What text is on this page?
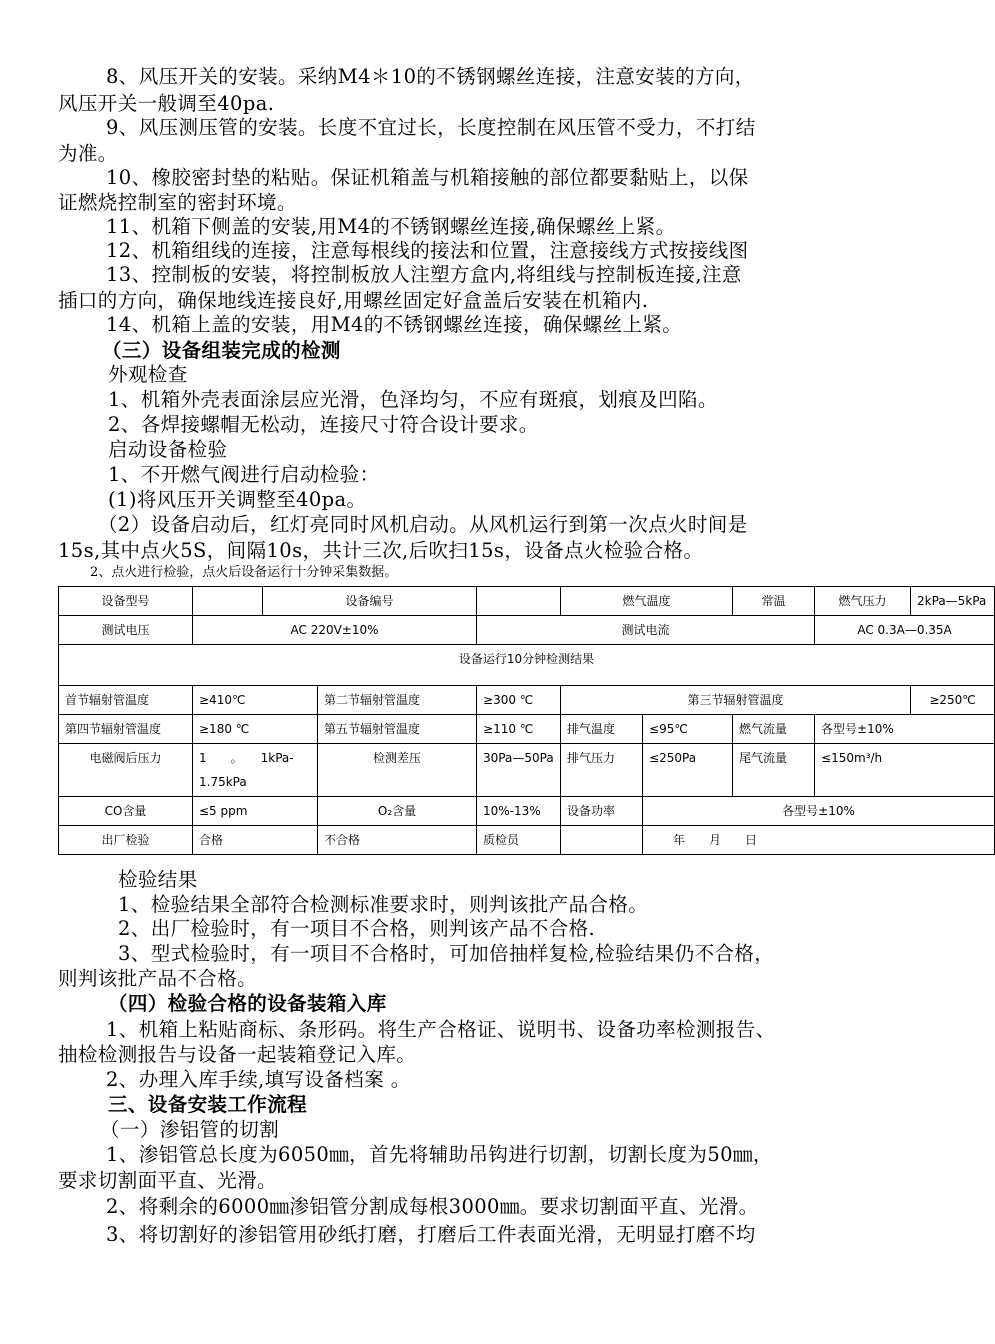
8、风压开关的安装。采纳M4＊10的不锈钢螺丝连接，注意安装的方向，
风压开关一般调至40pa.
9、风压测压管的安装。长度不宜过长，长度控制在风压管不受力，不打结
为准。
10、橡胶密封垫的粘贴。保证机箱盖与机箱接触的部位都要黏贴上，以保
证燃烧控制室的密封环境。
11、机箱下侧盖的安装,用M4的不锈钢螺丝连接,确保螺丝上紧。
12、机箱组线的连接，注意每根线的接法和位置，注意接线方式按接线图
13、控制板的安装，将控制板放人注塑方盒内,将组线与控制板连接,注意
插口的方向，确保地线连接良好,用螺丝固定好盒盖后安装在机箱内.
14、机箱上盖的安装，用M4的不锈钢螺丝连接，确保螺丝上紧。
（三）设备组装完成的检测
外观检查
1、机箱外壳表面涂层应光滑，色泽均匀，不应有斑痕，划痕及凹陷。
2、各焊接螺帽无松动，连接尺寸符合设计要求。
启动设备检验
1、不开燃气阀进行启动检验：
(1)将风压开关调整至40pa。
（2）设备启动后，红灯亮同时风机启动。从风机运行到第一次点火时间是
15s,其中点火5S，间隔10s，共计三次,后吹扫15s，设备点火检验合格。
2、点火进行检验，点火后设备运行十分钟采集数据。
设备型号		设备编号			燃气温度		常温	燃气压力	2kPa—5kPa
测试电压	AC 220V±10%			测试电流				AC 0.3A—0.35A	
设备运行10分钟检测结果									
首节辐射管温度	≥410℃		第二节辐射管温度	≥300 ℃	第三节辐射管温度				≥250℃
第四节辐射管温度	≥180 ℃		第五节辐射管温度	≥110 ℃	排气温度	≤95℃	燃气流量	各型号±10%	
电磁阀后压力	1　　。　　1kPa-1.75kPa		检测差压	30Pa—50Pa	排气压力	≤250Pa	尾气流量	≤150m³/h	
CO含量	≤5 ppm		O₂含量	10%-13%	设备功率	各型号±10%			
出厂检验	合格		不合格	质检员		年　　月　　日			
检验结果
1、检验结果全部符合检测标准要求时，则判该批产品合格。
2、出厂检验时，有一项目不合格，则判该产品不合格.
3、型式检验时，有一项目不合格时，可加倍抽样复检,检验结果仍不合格，
则判该批产品不合格。
（四）检验合格的设备装箱入库
1、机箱上粘贴商标、条形码。将生产合格证、说明书、设备功率检测报告、
抽检检测报告与设备一起装箱登记入库。
2、办理入库手续,填写设备档案 。
三、设备安装工作流程
（一）渗铝管的切割
1、渗铝管总长度为6050㎜，首先将辅助吊钩进行切割，切割长度为50㎜，
要求切割面平直、光滑。
2、将剩余的6000㎜渗铝管分割成每根3000㎜。要求切割面平直、光滑。
3、将切割好的渗铝管用砂纸打磨，打磨后工件表面光滑，无明显打磨不均
